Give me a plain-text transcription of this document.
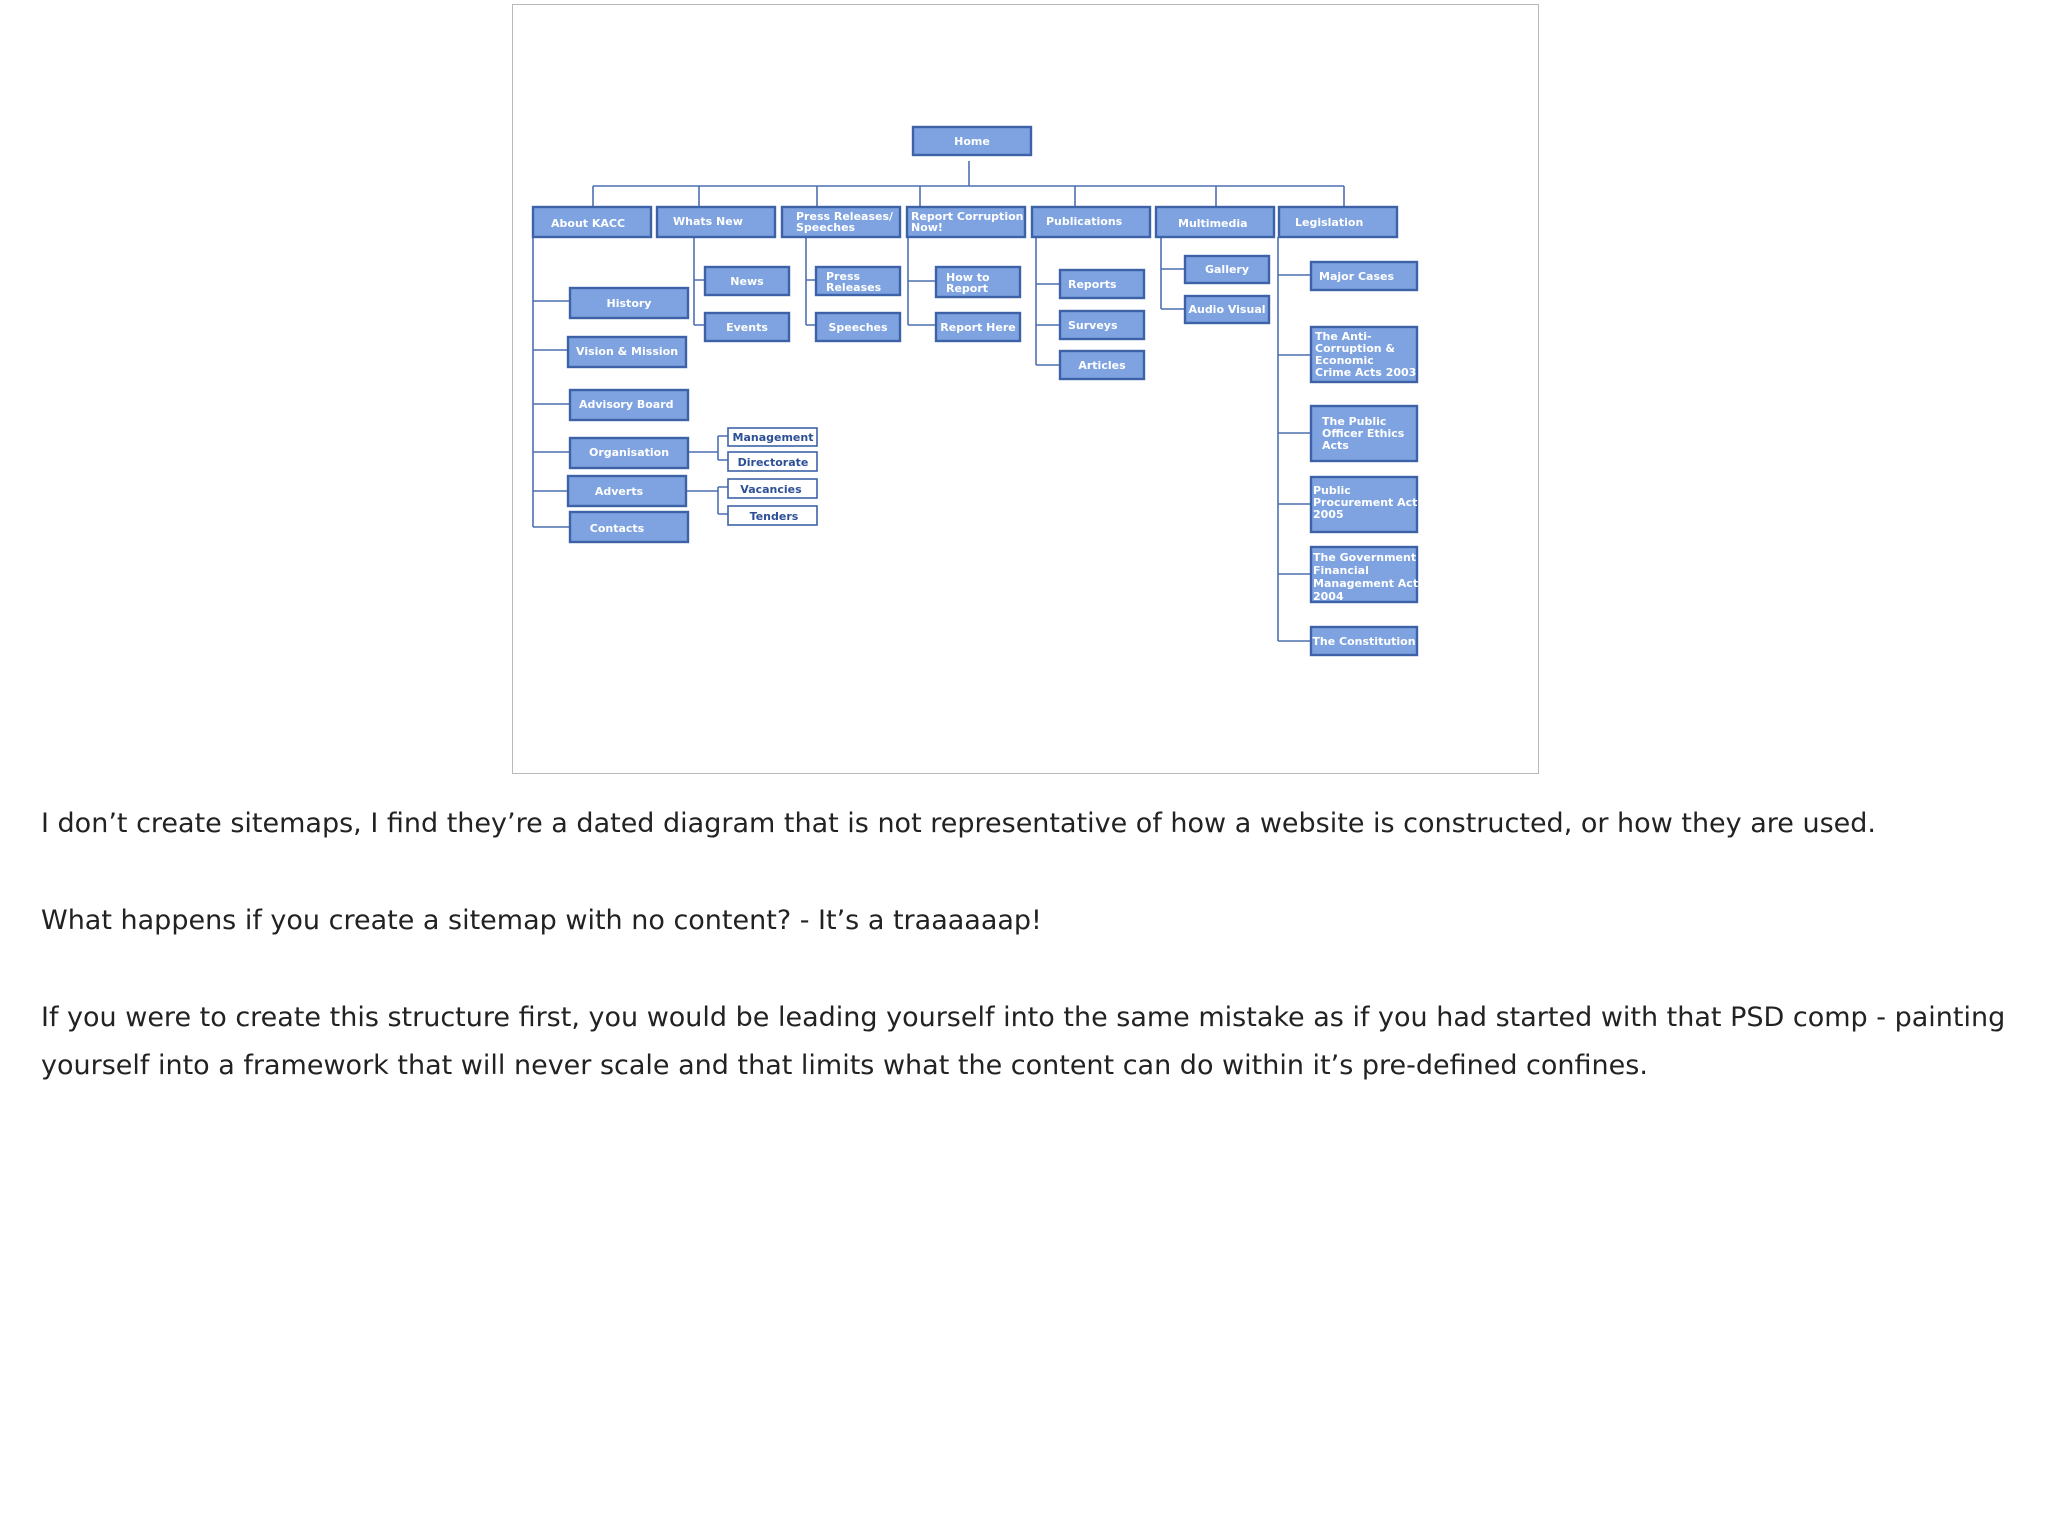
Home
About KACC	Whats New	Press Releases/
Speeches
Report Corruption
Now!	Publications	Multimedia	Legislation
History
Vision & Mission
Advisory Board
Organisation
Adverts
Contacts
Management
Directorate
Vacancies
Tenders
News
Events
Press
Releases
Speeches
How to
Report
Report Here
Reports
Surveys
Articles
Gallery
Audio Visual
Major Cases
The Anti-
Corruption &
Economic
Crime Acts 2003
The Public
Officer Ethics
Acts
Public
Procurement Act
2005
The Government
Financial
Management Act
2004
The Constitution

I don’t create sitemaps, I find they’re a dated diagram that is not representative of how a website is constructed, or how they are used.

What happens if you create a sitemap with no content? - It’s a traaaaaap!

If you were to create this structure first, you would be leading yourself into the same mistake as if you had started with that PSD comp - painting yourself into a framework that will never scale and that limits what the content can do within it’s pre-defined confines.
